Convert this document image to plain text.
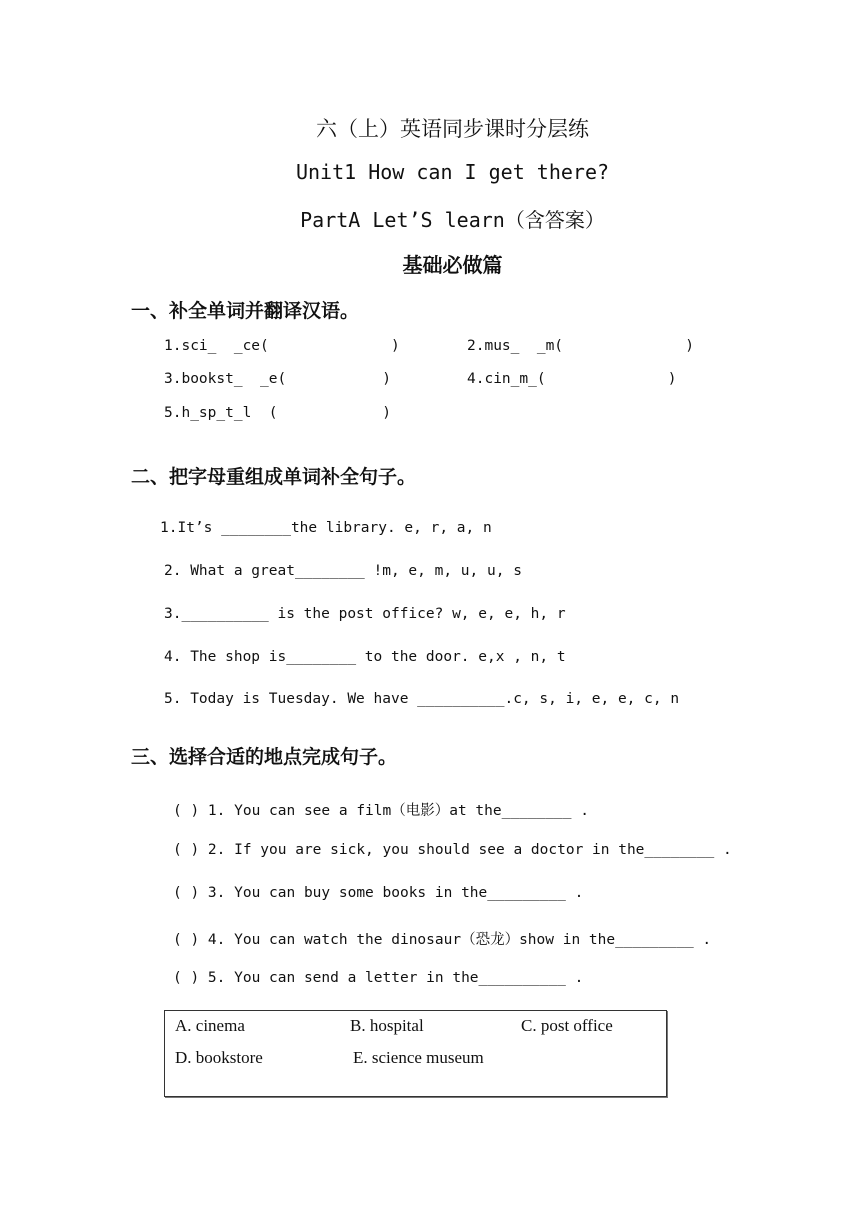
六（上）英语同步课时分层练
Unit1 How can I get there?
PartA Let’S learn（含答案）
基础必做篇
一、补全单词并翻译汉语。
1.sci_  _ce(              )	2.mus_  _m(              )
3.bookst_  _e(           )	4.cin_m_(              )
5.h_sp_t_l  (            )
二、把字母重组成单词补全句子。
1.It’s ________the library. e, r, a, n
2. What a great________ !m, e, m, u, u, s
3.__________ is the post office? w, e, e, h, r
4. The shop is________ to the door. e,x , n, t
5. Today is Tuesday. We have __________.c, s, i, e, e, c, n
三、选择合适的地点完成句子。
( ) 1. You can see a film（电影）at the________ .
( ) 2. If you are sick, you should see a doctor in the________ .
( ) 3. You can buy some books in the_________ .
( ) 4. You can watch the dinosaur（恐龙）show in the_________ .
( ) 5. You can send a letter in the__________ .
A. cinema	B. hospital	C. post office
D. bookstore	E. science museum
